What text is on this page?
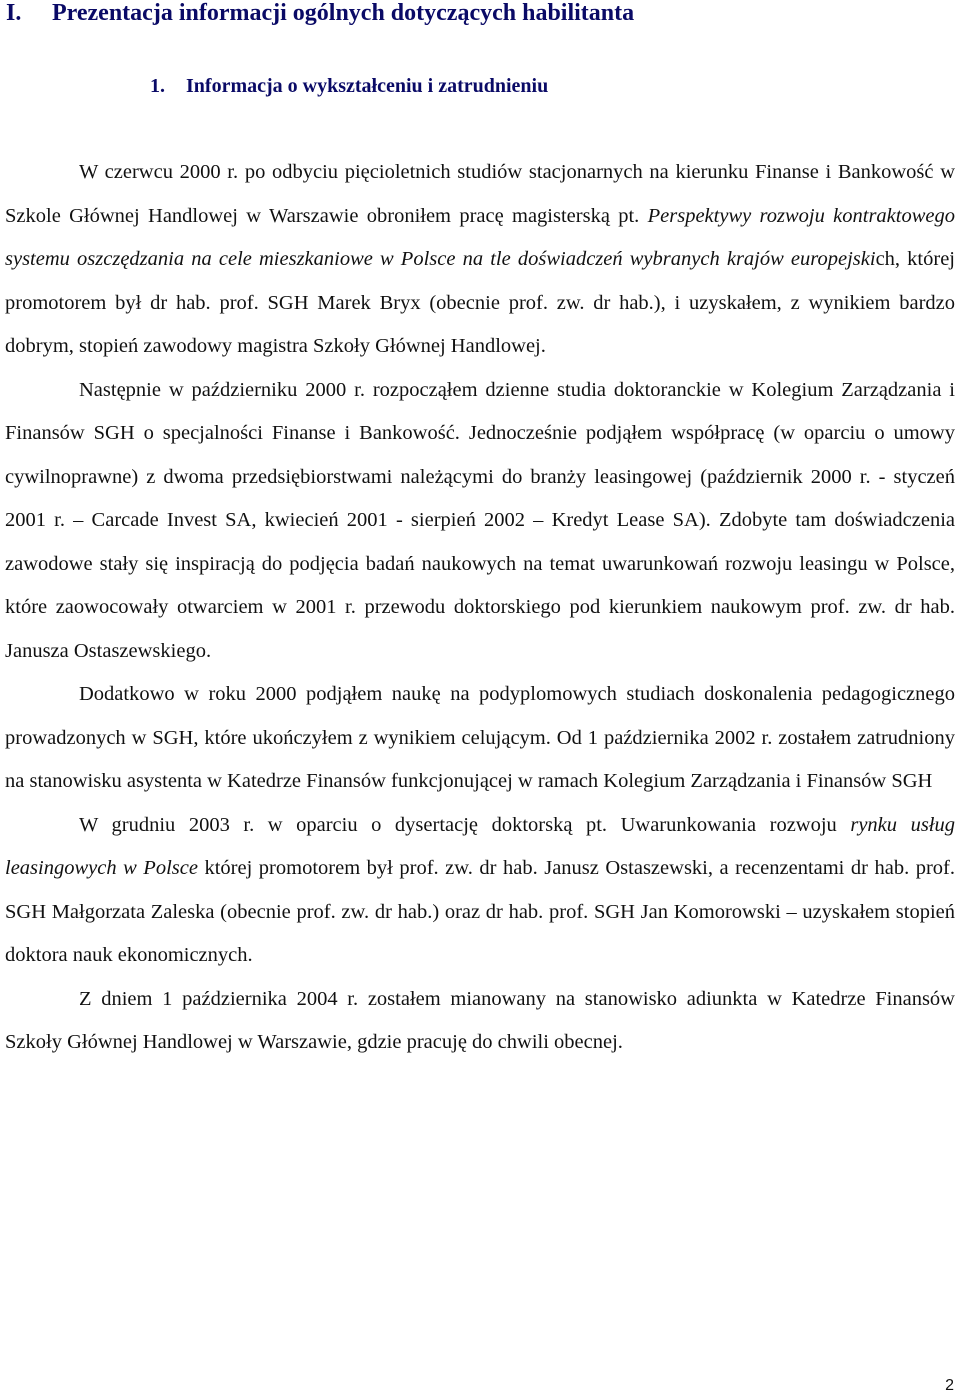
I. Prezentacja informacji ogólnych dotyczących habilitanta
1. Informacja o wykształceniu i zatrudnieniu

W czerwcu 2000 r. po odbyciu pięcioletnich studiów stacjonarnych na kierunku Finanse i Bankowość w Szkole Głównej Handlowej w Warszawie obroniłem pracę magisterską pt. Perspektywy rozwoju kontraktowego systemu oszczędzania na cele mieszkaniowe w Polsce na tle doświadczeń wybranych krajów europejskich, której promotorem był dr hab. prof. SGH Marek Bryx (obecnie prof. zw. dr hab.), i uzyskałem, z wynikiem bardzo dobrym, stopień zawodowy magistra Szkoły Głównej Handlowej.

Następnie w październiku 2000 r. rozpocząłem dzienne studia doktoranckie w Kolegium Zarządzania i Finansów SGH o specjalności Finanse i Bankowość. Jednocześnie podjąłem współpracę (w oparciu o umowy cywilnoprawne) z dwoma przedsiębiorstwami należącymi do branży leasingowej (październik 2000 r. - styczeń 2001 r. – Carcade Invest SA, kwiecień 2001 - sierpień 2002 – Kredyt Lease SA). Zdobyte tam doświadczenia zawodowe stały się inspiracją do podjęcia badań naukowych na temat uwarunkowań rozwoju leasingu w Polsce, które zaowocowały otwarciem w 2001 r. przewodu doktorskiego pod kierunkiem naukowym prof. zw. dr hab. Janusza Ostaszewskiego.

Dodatkowo w roku 2000 podjąłem naukę na podyplomowych studiach doskonalenia pedagogicznego prowadzonych w SGH, które ukończyłem z wynikiem celującym. Od 1 października 2002 r. zostałem zatrudniony na stanowisku asystenta w Katedrze Finansów funkcjonującej w ramach Kolegium Zarządzania i Finansów SGH

W grudniu 2003 r. w oparciu o dysertację doktorską pt. Uwarunkowania rozwoju rynku usług leasingowych w Polsce której promotorem był prof. zw. dr hab. Janusz Ostaszewski, a recenzentami dr hab. prof. SGH Małgorzata Zaleska (obecnie prof. zw. dr hab.) oraz dr hab. prof. SGH Jan Komorowski – uzyskałem stopień doktora nauk ekonomicznych.

Z dniem 1 października 2004 r. zostałem mianowany na stanowisko adiunkta w Katedrze Finansów Szkoły Głównej Handlowej w Warszawie, gdzie pracuję do chwili obecnej.

2
